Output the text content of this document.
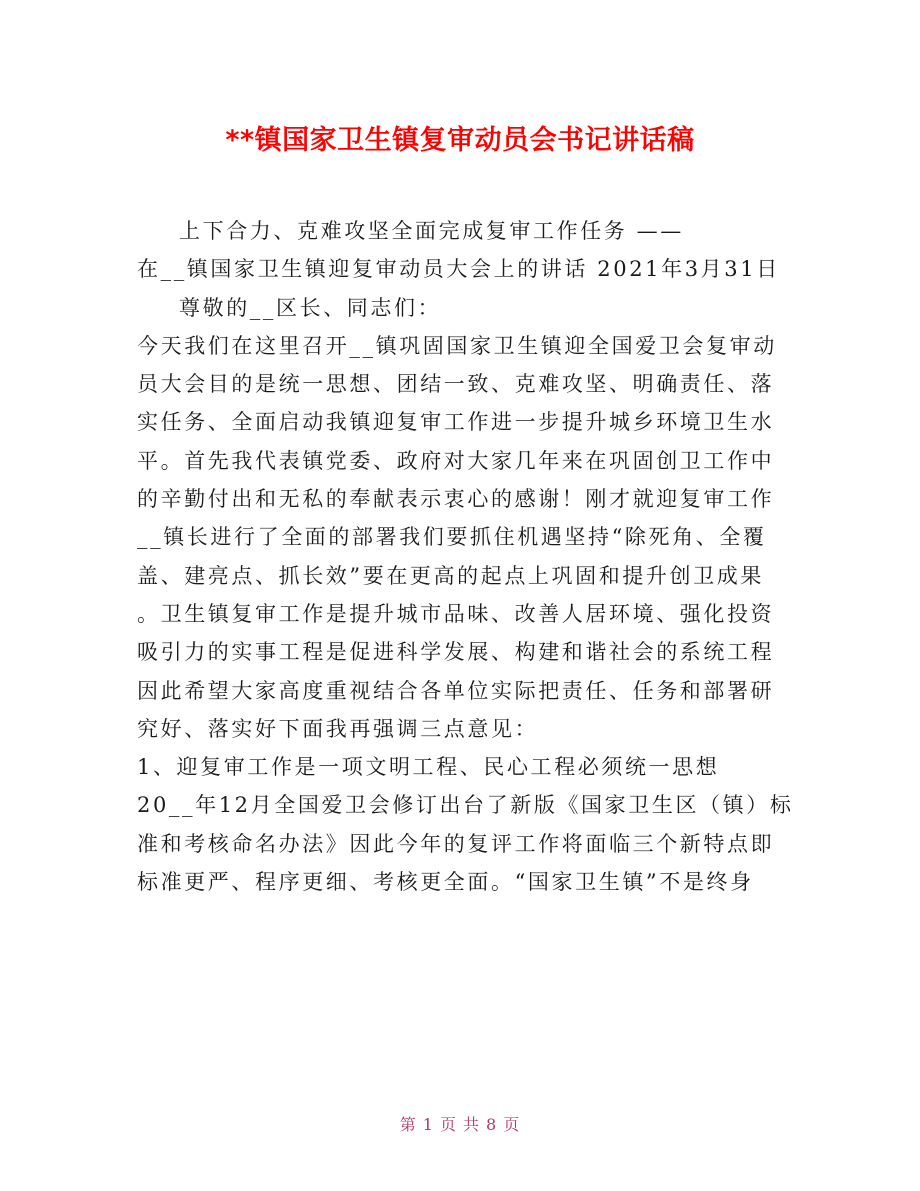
**镇国家卫生镇复审动员会书记讲话稿
上下合力、克难攻坚全面完成复审工作任务 ——
在__镇国家卫生镇迎复审动员大会上的讲话 2021年3月31日
尊敬的__区长、同志们：
今天我们在这里召开__镇巩固国家卫生镇迎全国爱卫会复审动
员大会目的是统一思想、团结一致、克难攻坚、明确责任、落
实任务、全面启动我镇迎复审工作进一步提升城乡环境卫生水
平。首先我代表镇党委、政府对大家几年来在巩固创卫工作中
的辛勤付出和无私的奉献表示衷心的感谢！刚才就迎复审工作
__镇长进行了全面的部署我们要抓住机遇坚持“除死角、全覆
盖、建亮点、抓长效”要在更高的起点上巩固和提升创卫成果
。卫生镇复审工作是提升城市品味、改善人居环境、强化投资
吸引力的实事工程是促进科学发展、构建和谐社会的系统工程
因此希望大家高度重视结合各单位实际把责任、任务和部署研
究好、落实好下面我再强调三点意见：
1、迎复审工作是一项文明工程、民心工程必须统一思想
20__年12月全国爱卫会修订出台了新版《国家卫生区（镇）标
准和考核命名办法》因此今年的复评工作将面临三个新特点即
标准更严、程序更细、考核更全面。“国家卫生镇”不是终身
第 1 页 共 8 页
